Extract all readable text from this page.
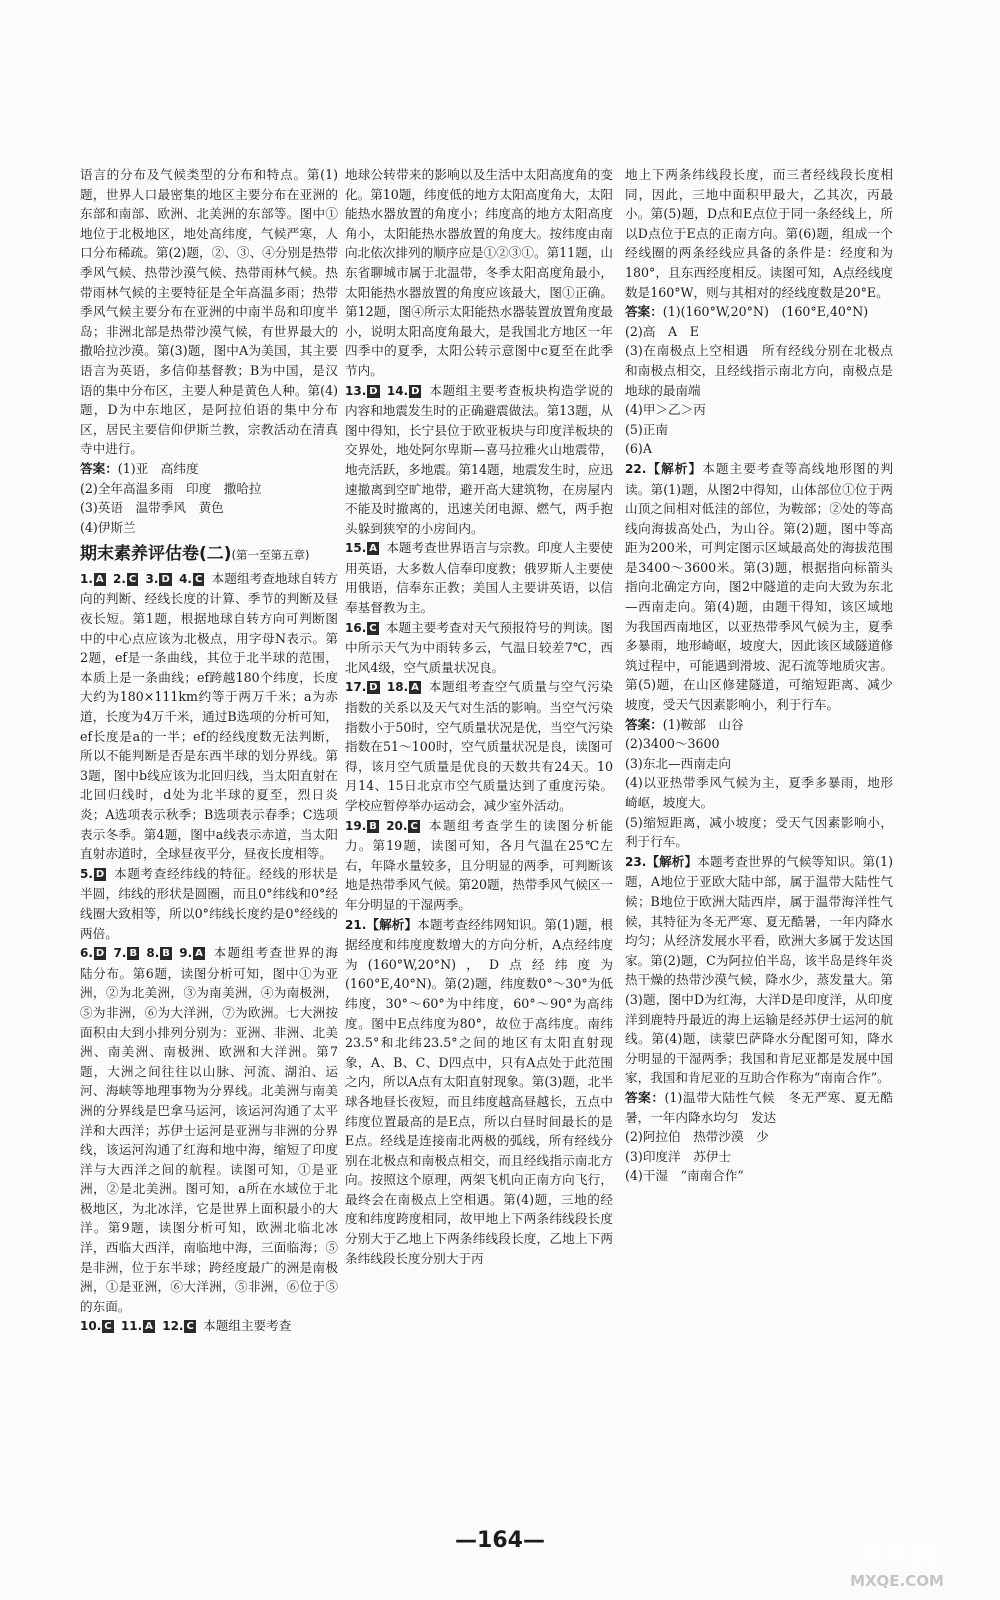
语言的分布及气候类型的分布和特点。第(1)题，世界人口最密集的地区主要分布在亚洲的东部和南部、欧洲、北美洲的东部等。图中①地位于北极地区，地处高纬度，气候严寒，人口分布稀疏。第(2)题，②、③、④分别是热带季风气候、热带沙漠气候、热带雨林气候。热带雨林气候的主要特征是全年高温多雨；热带季风气候主要分布在亚洲的中南半岛和印度半岛；非洲北部是热带沙漠气候，有世界最大的撒哈拉沙漠。第(3)题，图中A为美国，其主要语言为英语，多信仰基督教；B为中国，是汉语的集中分布区，主要人种是黄色人种。第(4)题，D为中东地区，是阿拉伯语的集中分布区，居民主要信仰伊斯兰教，宗教活动在清真寺中进行。

答案：(1)亚　高纬度

(2)全年高温多雨　印度　撒哈拉

(3)英语　温带季风　黄色

(4)伊斯兰

期末素养评估卷(二)(第一至第五章)

1. A  2. C  3. D  4. C  本题组考查地球自转方向的判断、经线长度的计算、季节的判断及昼夜长短。第1题，根据地球自转方向可判断图中的中心点应该为北极点，用字母N表示。第2题，ef是一条曲线，其位于北半球的范围，本质上是一条曲线；ef跨越180个纬度，长度大约为180×111km约等于两万千米；a为赤道，长度为4万千米，通过B选项的分析可知，ef长度是a的一半；ef的经线度数无法判断，所以不能判断是否是东西半球的划分界线。第3题，图中b线应该为北回归线，当太阳直射在北回归线时，d处为北半球的夏至，烈日炎炎；A选项表示秋季；B选项表示春季；C选项表示冬季。第4题，图中a线表示赤道，当太阳直射赤道时，全球昼夜平分，昼夜长度相等。

5. D  本题考查经纬线的特征。经线的形状是半圆，纬线的形状是圆圈，而且0°纬线和0°经线圈大致相等，所以0°纬线长度约是0°经线的两倍。

6. D  7. B  8. B  9. A  本题组考查世界的海陆分布。第6题，读图分析可知，图中①为亚洲，②为北美洲，③为南美洲，④为南极洲，⑤为非洲，⑥为大洋洲，⑦为欧洲。七大洲按面积由大到小排列分别为：亚洲、非洲、北美洲、南美洲、南极洲、欧洲和大洋洲。第7题，大洲之间往往以山脉、河流、湖泊、运河、海峡等地理事物为分界线。北美洲与南美洲的分界线是巴拿马运河，该运河沟通了太平洋和大西洋；苏伊士运河是亚洲与非洲的分界线，该运河沟通了红海和地中海，缩短了印度洋与大西洋之间的航程。读图可知，①是亚洲，②是北美洲。图可知，a所在水域位于北极地区，为北冰洋，它是世界上面积最小的大洋。第9题，读图分析可知，欧洲北临北冰洋，西临大西洋，南临地中海，三面临海；⑤是非洲，位于东半球；跨经度最广的洲是南极洲，①是亚洲，⑥大洋洲，⑤非洲，⑥位于⑤的东面。

10. C  11. A  12. C  本题组主要考查

地球公转带来的影响以及生活中太阳高度角的变化。第10题，纬度低的地方太阳高度角大，太阳能热水器放置的角度小；纬度高的地方太阳高度角小，太阳能热水器放置的角度大。按纬度由南向北依次排列的顺序应是①②③①。第11题，山东省聊城市属于北温带，冬季太阳高度角最小，太阳能热水器放置的角度应该最大，图①正确。第12题，图④所示太阳能热水器装置放置角度最小，说明太阳高度角最大，是我国北方地区一年四季中的夏季，太阳公转示意图中c夏至在此季节内。

13. D  14. D  本题组主要考查板块构造学说的内容和地震发生时的正确避震做法。第13题，从图中得知，长宁县位于欧亚板块与印度洋板块的交界处，地处阿尔卑斯—喜马拉雅火山地震带，地壳活跃，多地震。第14题，地震发生时，应迅速撤离到空旷地带，避开高大建筑物，在房屋内不能及时撤离的，迅速关闭电源、燃气，两手抱头躲到狭窄的小房间内。

15. A  本题考查世界语言与宗教。印度人主要使用英语，大多数人信奉印度教；俄罗斯人主要使用俄语，信奉东正教；美国人主要讲英语，以信奉基督教为主。

16. C  本题主要考查对天气预报符号的判读。图中所示天气为中雨转多云，气温日较差7℃，西北风4级，空气质量状况良。

17. D  18. A  本题组考查空气质量与空气污染指数的关系以及天气对生活的影响。当空气污染指数小于50时，空气质量状况是优，当空气污染指数在51～100时，空气质量状况是良，读图可得，该月空气质量是优良的天数共有24天。10月14、15日北京市空气质量达到了重度污染。学校应暂停举办运动会，减少室外活动。

19. B  20. C  本题组考查学生的读图分析能力。第19题，读图可知，各月气温在25℃左右，年降水量较多，且分明显的两季，可判断该地是热带季风气候。第20题，热带季风气候区一年分明显的干湿两季。

21.【解析】本题考查经纬网知识。第(1)题，根据经度和纬度度数增大的方向分析，A点经纬度为(160°W,20°N)，D点经纬度为(160°E,40°N)。第(2)题，纬度数0°～30°为低纬度，30°～60°为中纬度，60°～90°为高纬度。图中E点纬度为80°，故位于高纬度。南纬23.5°和北纬23.5°之间的地区有太阳直射现象，A、B、C、D四点中，只有A点处于此范围之内，所以A点有太阳直射现象。第(3)题，北半球各地昼长夜短，而且纬度越高昼越长，五点中纬度位置最高的是E点，所以白昼时间最长的是E点。经线是连接南北两极的弧线，所有经线分别在北极点和南极点相交，而且经线指示南北方向。按照这个原理，两架飞机向正南方向飞行，最终会在南极点上空相遇。第(4)题，三地的经度和纬度跨度相同，故甲地上下两条纬线段长度分别大于乙地上下两条纬线段长度，乙地上下两条纬线段长度分别大于丙

地上下两条纬线段长度，而三者经线段长度相同，因此，三地中面积甲最大，乙其次，丙最小。第(5)题，D点和E点位于同一条经线上，所以D点位于E点的正南方向。第(6)题，组成一个经线圈的两条经线应具备的条件是：经度和为180°，且东西经度相反。读图可知，A点经线度数是160°W，则与其相对的经线度数是20°E。

答案：(1)(160°W,20°N)　(160°E,40°N)

(2)高　A　E

(3)在南极点上空相遇　所有经线分别在北极点和南极点相交，且经线指示南北方向，南极点是地球的最南端

(4)甲＞乙＞丙

(5)正南

(6)A

22.【解析】本题主要考查等高线地形图的判读。第(1)题，从图2中得知，山体部位①位于两山顶之间相对低洼的部位，为鞍部；②处的等高线向海拔高处凸，为山谷。第(2)题，图中等高距为200米，可判定图示区域最高处的海拔范围是3400～3600米。第(3)题，根据指向标箭头指向北确定方向，图2中隧道的走向大致为东北—西南走向。第(4)题，由题干得知，该区域地为我国西南地区，以亚热带季风气候为主，夏季多暴雨，地形崎岖，坡度大，因此该区域隧道修筑过程中，可能遇到滑坡、泥石流等地质灾害。第(5)题，在山区修建隧道，可缩短距离、减少坡度，受天气因素影响小，利于行车。

答案：(1)鞍部　山谷

(2)3400～3600

(3)东北—西南走向

(4)以亚热带季风气候为主，夏季多暴雨，地形崎岖，坡度大。

(5)缩短距离，减小坡度；受天气因素影响小，利于行车。

23.【解析】本题考查世界的气候等知识。第(1)题，A地位于亚欧大陆中部，属于温带大陆性气候；B地位于欧洲大陆西岸，属于温带海洋性气候，其特征为冬无严寒、夏无酷暑，一年内降水均匀；从经济发展水平看，欧洲大多属于发达国家。第(2)题，C为阿拉伯半岛，该半岛是终年炎热干燥的热带沙漠气候，降水少，蒸发量大。第(3)题，图中D为红海，大洋D是印度洋，从印度洋到鹿特丹最近的海上运输是经苏伊士运河的航线。第(4)题，读蒙巴萨降水分配图可知，降水分明显的干湿两季；我国和肯尼亚都是发展中国家，我国和肯尼亚的互助合作称为“南南合作”。

答案：(1)温带大陆性气候　冬无严寒、夏无酷暑，一年内降水均匀　发达

(2)阿拉伯　热带沙漠　少

(3)印度洋　苏伊士

(4)干湿　“南南合作”

—164—	答案圈
MXQE.COM
